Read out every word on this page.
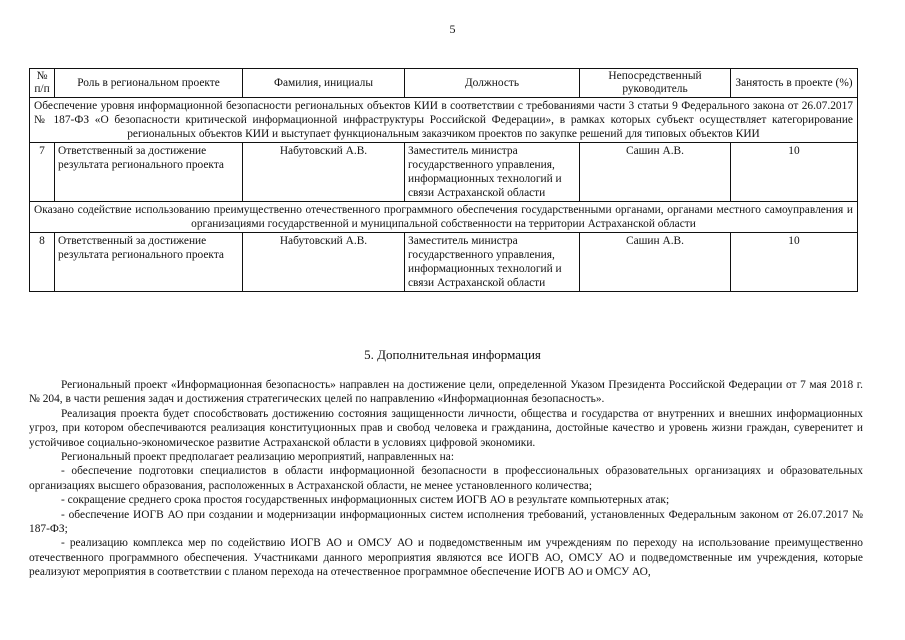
5
№ п/п	Роль в региональном проекте	Фамилия, инициалы	Должность	Непосредственный руководитель	Занятость в проекте (%)
Обеспечение уровня информационной безопасности региональных объектов КИИ в соответствии с требованиями части 3 статьи 9 Федерального закона от 26.07.2017 № 187-ФЗ «О безопасности критической информационной инфраструктуры Российской Федерации», в рамках которых субъект осуществляет категорирование региональных объектов КИИ и выступает функциональным заказчиком проектов по закупке решений для типовых объектов КИИ					
7	Ответственный за достижение результата регионального проекта	Набутовский А.В.	Заместитель министра государственного управления, информационных технологий и связи Астраханской области	Сашин А.В.	10
Оказано содействие использованию преимущественно отечественного программного обеспечения государственными органами, органами местного самоуправления и организациями государственной и муниципальной собственности на территории Астраханской области					
8	Ответственный за достижение результата регионального проекта	Набутовский А.В.	Заместитель министра государственного управления, информационных технологий и связи Астраханской области	Сашин А.В.	10
5. Дополнительная информация

Региональный проект «Информационная безопасность» направлен на достижение цели, определенной Указом Президента Российской Федерации от 7 мая 2018 г. № 204, в части решения задач и достижения стратегических целей по направлению «Информационная безопасность».

Реализация проекта будет способствовать достижению состояния защищенности личности, общества и государства от внутренних и внешних информационных угроз, при котором обеспечиваются реализация конституционных прав и свобод человека и гражданина, достойные качество и уровень жизни граждан, суверенитет и устойчивое социально-экономическое развитие Астраханской области в условиях цифровой экономики.

Региональный проект предполагает реализацию мероприятий, направленных на:

- обеспечение подготовки специалистов в области информационной безопасности в профессиональных образовательных организациях и образовательных организациях высшего образования, расположенных в Астраханской области, не менее установленного количества;

- сокращение среднего срока простоя государственных информационных систем ИОГВ АО в результате компьютерных атак;

- обеспечение ИОГВ АО при создании и модернизации информационных систем исполнения требований, установленных Федеральным законом от 26.07.2017 № 187-ФЗ;

- реализацию комплекса мер по содействию ИОГВ АО и ОМСУ АО и подведомственным им учреждениям по переходу на использование преимущественно отечественного программного обеспечения. Участниками данного мероприятия являются все ИОГВ АО, ОМСУ АО и подведомственные им учреждения, которые реализуют мероприятия в соответствии с планом перехода на отечественное программное обеспечение ИОГВ АО и ОМСУ АО,
